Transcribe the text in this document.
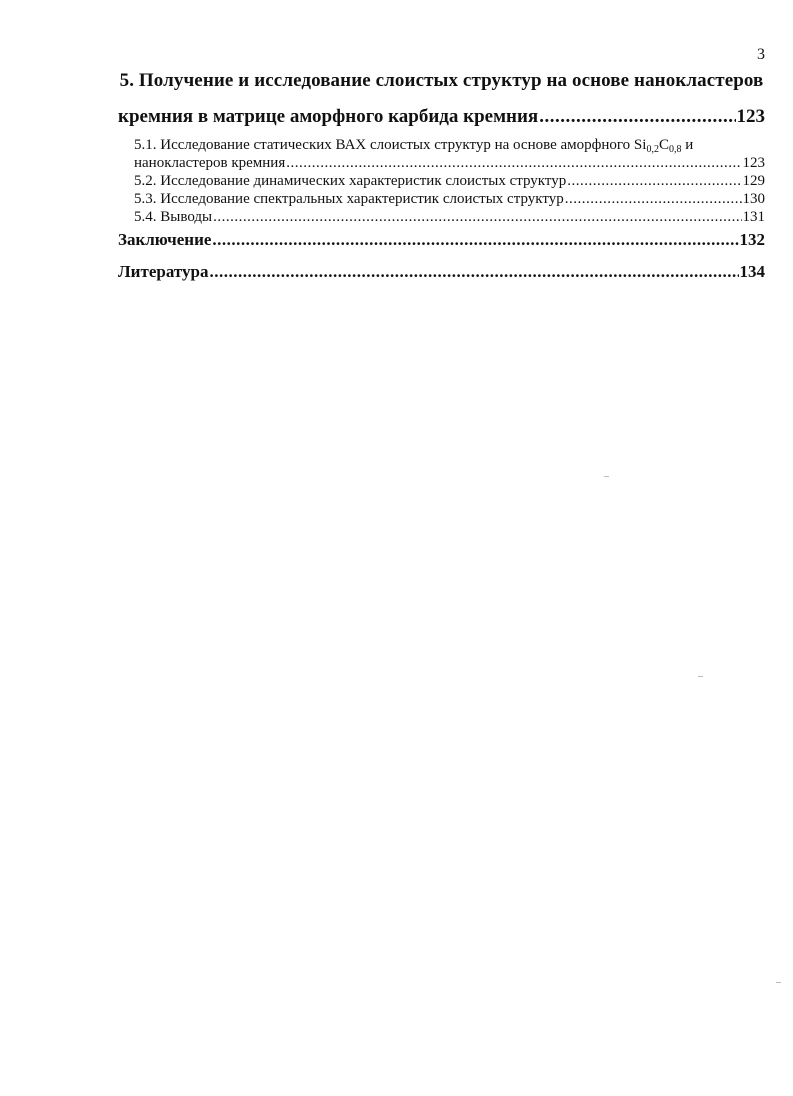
3
5. Получение и исследование слоистых структур на основе нанокластеров
кремния в матрице аморфного карбида кремния .....	123
5.1. Исследование статических ВАХ слоистых структур на основе аморфного $Si_{0,2}C_{0,8}$ и
нанокластеров кремния .....	123
5.2. Исследование динамических характеристик слоистых структур .....	129
5.3. Исследование спектральных характеристик слоистых структур .....	130
5.4. Выводы .....	131
Заключение .....	132
Литература .....	134
